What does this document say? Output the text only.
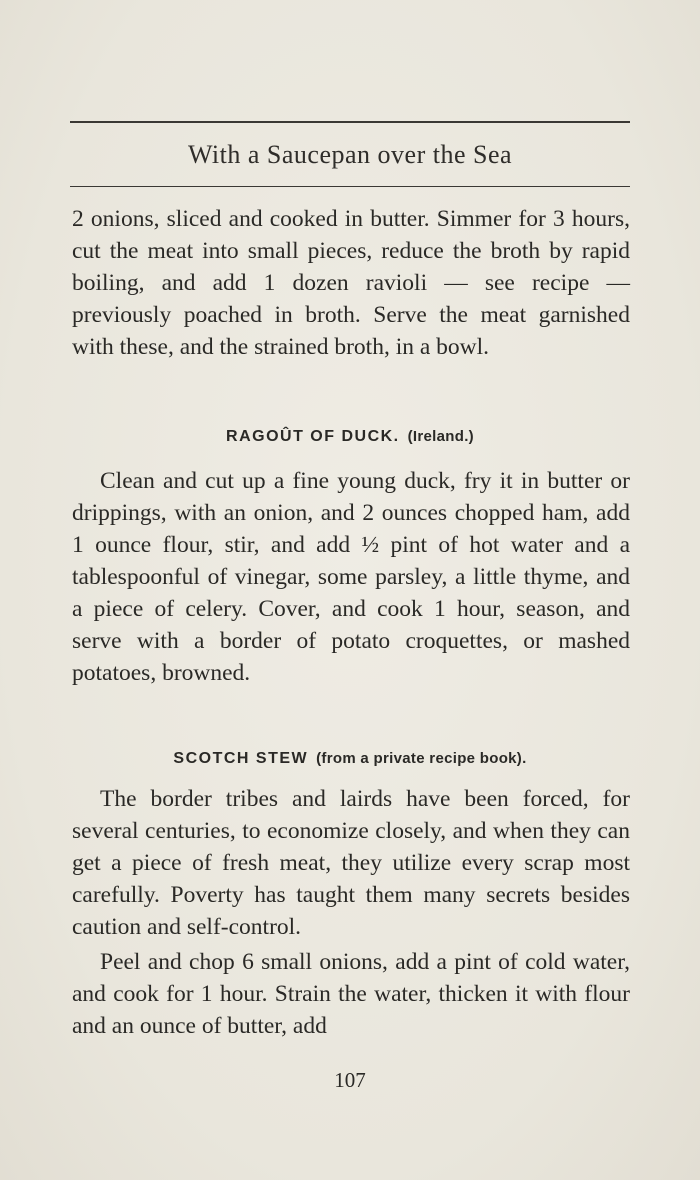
With a Saucepan over the Sea

2 onions, sliced and cooked in butter. Simmer for 3 hours, cut the meat into small pieces, reduce the broth by rapid boiling, and add 1 dozen ravioli — see recipe — previously poached in broth. Serve the meat garnished with these, and the strained broth, in a bowl.

RAGOÛT OF DUCK. (Ireland.)

Clean and cut up a fine young duck, fry it in butter or drippings, with an onion, and 2 ounces chopped ham, add 1 ounce flour, stir, and add ½ pint of hot water and a tablespoonful of vinegar, some parsley, a little thyme, and a piece of celery. Cover, and cook 1 hour, season, and serve with a border of potato croquettes, or mashed potatoes, browned.

SCOTCH STEW (from a private recipe book).

The border tribes and lairds have been forced, for several centuries, to economize closely, and when they can get a piece of fresh meat, they utilize every scrap most carefully. Poverty has taught them many secrets besides caution and self-control.

Peel and chop 6 small onions, add a pint of cold water, and cook for 1 hour. Strain the water, thicken it with flour and an ounce of butter, add

107
